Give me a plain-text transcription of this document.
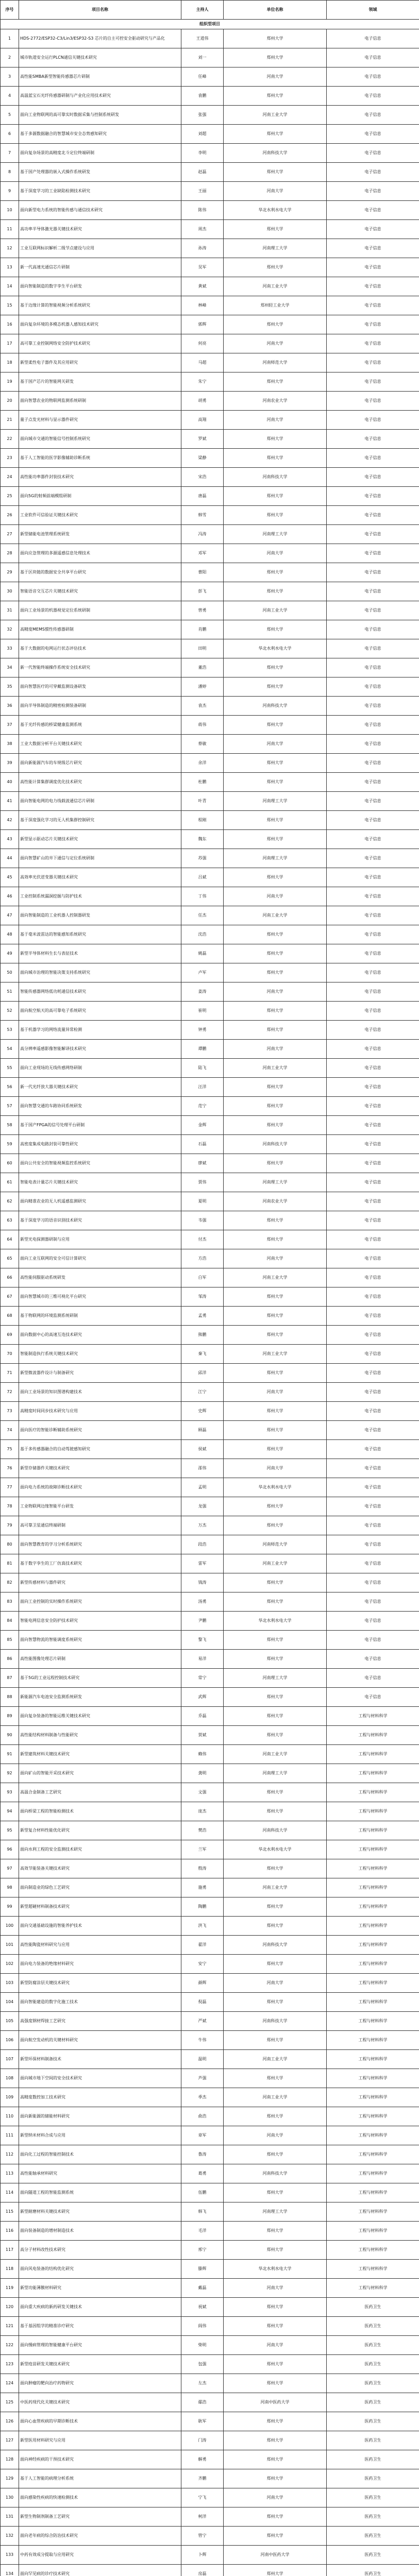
序号	项目名称	主持人	单位名称	领域
组织型项目				
1	HDS-2772/ESP32-C3/Lin3/ESP32-S3 芯片的自主可控安全驱动研究与产品化	王道伟	郑州大学	电子信息
2	城市轨道安全运行PLCN通信关键技术研究	刘一	郑州大学	电子信息
3	高性能SMBA新型智能传感器芯片研制	任峰	河南大学	电子信息
4	高温蓝宝石光纤传感器研制与产业化应用技术研究	袁鹏	郑州大学	电子信息
5	面向工业物联网的高可靠实时数据采集与控制系统研发	张强	河南工业大学	电子信息
6	基于多源数据融合的智慧城市安全态势感知研究	刘超	郑州大学	电子信息
7	面向复杂场景的高精度北斗定位终端研制	李明	河南科技大学	电子信息
8	基于国产处理器的嵌入式操作系统研发	赵磊	郑州大学	电子信息
9	基于深度学习的工业缺陷检测技术研究	王丽	河南大学	电子信息
10	面向新型电力系统的智能传感与通信技术研究	陈伟	华北水利水电大学	电子信息
11	高功率半导体激光器关键技术研究	周杰	郑州大学	电子信息
12	工业互联网标识解析二级节点建设与应用	孙涛	河南理工大学	电子信息
13	新一代高速光通信芯片研制	吴军	郑州大学	电子信息
14	面向智能制造的数字孪生平台研发	黄斌	河南工业大学	电子信息
15	基于边缘计算的智能视频分析系统研究	林峰	郑州轻工业大学	电子信息
16	面向复杂环境的多模态机器人感知技术研究	郭辉	郑州大学	电子信息
17	高可靠工业控制网络安全防护技术研究	何亮	河南大学	电子信息
18	新型柔性电子器件及其应用研究	马超	河南师范大学	电子信息
19	基于国产芯片的智能网关研发	朱宁	郑州大学	电子信息
20	面向智慧农业的物联网监测系统研制	胡勇	河南农业大学	电子信息
21	量子点发光材料与显示器件研究	高翔	河南大学	电子信息
22	面向城市交通的智能信号控制系统研究	罗斌	郑州大学	电子信息
23	基于人工智能的医学影像辅助诊断系统	梁静	郑州大学	电子信息
24	高性能功率器件封装技术研究	宋浩	河南科技大学	电子信息
25	面向5G的射频前端模组研制	唐磊	郑州大学	电子信息
26	工业软件可信验证关键技术研究	韩雪	郑州大学	电子信息
27	新型储能电池管理系统研发	冯涛	河南理工大学	电子信息
28	面向应急管理的多源遥感信息处理技术	邓军	河南大学	电子信息
29	基于区块链的数据安全共享平台研究	曹阳	郑州大学	电子信息
30	智能语音交互芯片关键技术研究	彭飞	郑州大学	电子信息
31	面向工业场景的机器视觉定位系统研制	曾勇	河南工业大学	电子信息
32	高精度MEMS惯性传感器研制	肖鹏	郑州大学	电子信息
33	基于大数据的电网运行状态评估技术	田明	华北水利水电大学	电子信息
34	新一代智能终端操作系统安全技术研究	董浩	郑州大学	电子信息
35	面向智慧医疗的可穿戴监测设备研发	潘婷	郑州大学	电子信息
36	面向半导体制造的精密检测装备研制	袁杰	河南科技大学	电子信息
37	基于光纤传感的桥梁健康监测系统	蒋伟	郑州大学	电子信息
38	工业大数据分析平台关键技术研究	蔡敏	河南大学	电子信息
39	面向新能源汽车的车规级芯片研究	余洋	郑州大学	电子信息
40	高性能计算集群调度优化技术研究	杜鹏	郑州大学	电子信息
41	面向智能电网的电力线载波通信芯片研制	叶青	河南理工大学	电子信息
42	基于深度强化学习的无人机集群控制研究	程刚	郑州大学	电子信息
43	新型显示驱动芯片关键技术研究	魏东	郑州大学	电子信息
44	面向智慧矿山的井下通信与定位系统研制	苏强	河南理工大学	电子信息
45	高效率光伏逆变器关键技术研究	吕斌	郑州大学	电子信息
46	工业控制系统漏洞挖掘与防护技术	丁伟	河南大学	电子信息
47	面向智能制造的工业机器人控制器研发	任杰	河南工业大学	电子信息
48	基于毫米波雷达的智能感知系统研究	沈浩	郑州大学	电子信息
49	新型半导体材料生长与表征技术	姚磊	郑州大学	电子信息
50	面向城市治理的智能决策支持系统研究	卢军	郑州大学	电子信息
51	智能传感器网络低功耗通信技术研究	姜涛	河南大学	电子信息
52	面向航空航天的高可靠电子系统研究	崔明	郑州大学	电子信息
53	基于机器学习的网络流量异常检测	钟勇	郑州大学	电子信息
54	高分辨率遥感影像智能解译技术研究	谭鹏	河南大学	电子信息
55	面向工业现场的无线传感网络研制	陆飞	河南工业大学	电子信息
56	新一代光纤放大器关键技术研究	汪洋	郑州大学	电子信息
57	面向智慧交通的车路协同系统研发	范宁	郑州大学	电子信息
58	基于国产FPGA的信号处理平台研制	金辉	郑州大学	电子信息
59	高密度集成电路封装可靠性研究	石磊	河南科技大学	电子信息
60	面向公共安全的智能视频监控系统研究	廖斌	郑州大学	电子信息
61	智能电表计量芯片关键技术研究	贾伟	河南理工大学	电子信息
62	面向精准农业的无人机遥感监测研究	夏明	河南农业大学	电子信息
63	基于深度学习的语音识别技术研究	韦强	郑州大学	电子信息
64	新型光电探测器研制与应用	付杰	郑州大学	电子信息
65	面向工业互联网的安全可信计算研究	方浩	河南大学	电子信息
66	高性能伺服驱动系统研发	白军	河南工业大学	电子信息
67	面向智慧城市的三维可视化平台研究	邹涛	郑州大学	电子信息
68	基于物联网的环境监测系统研制	孟勇	郑州大学	电子信息
69	面向数据中心的高速互连技术研究	熊鹏	郑州大学	电子信息
70	智能制造执行系统关键技术研究	秦飞	河南工业大学	电子信息
71	新型微波器件设计与制备研究	邱洋	郑州大学	电子信息
72	面向工业场景的知识图谱构建技术	江宁	河南大学	电子信息
73	高精度时间同步技术研究与应用	史辉	郑州大学	电子信息
74	面向医疗的智能诊断辅助系统研究	顾磊	郑州大学	电子信息
75	基于多传感器融合的自动驾驶感知研究	侯斌	郑州大学	电子信息
76	新型存储器件关键技术研究	邵伟	河南大学	电子信息
77	面向电力系统的故障诊断技术研究	孟明	华北水利水电大学	电子信息
78	工业物联网边缘智能平台研发	龙强	郑州大学	电子信息
79	高可靠卫星通信终端研制	万杰	郑州大学	电子信息
80	面向智慧教育的学习分析系统研究	段浩	河南师范大学	电子信息
81	基于数字孪生的工厂仿真技术研究	雷军	河南工业大学	电子信息
82	新型传感材料与器件研究	钱涛	郑州大学	电子信息
83	面向工业控制的实时操作系统研究	汤勇	郑州大学	电子信息
84	智能电网信息安全防护技术研究	尹鹏	华北水利水电大学	电子信息
85	面向智慧物流的智能调度系统研究	黎飞	郑州大学	电子信息
86	高性能图像处理芯片研制	易洋	郑州大学	电子信息
87	基于5G的工业远程控制技术研究	常宁	河南理工大学	电子信息
88	新能源汽车电池安全监测系统研发	武辉	郑州大学	电子信息
89	面向复杂装备的智能运维关键技术研究	乔磊	郑州大学	工程与材料科学
90	高性能结构材料制备与性能研究	贺斌	郑州大学	工程与材料科学
91	新型建筑材料关键技术研究	赖伟	河南工业大学	工程与材料科学
92	面向矿山的智能开采技术研究	龚明	河南理工大学	工程与材料科学
93	高温合金制备工艺研究	文强	郑州大学	工程与材料科学
94	面向桥梁工程的智能检测技术	庞杰	郑州大学	工程与材料科学
95	新型复合材料性能优化研究	樊浩	河南科技大学	工程与材料科学
96	面向水利工程的安全监测技术研究	兰军	华北水利水电大学	工程与材料科学
97	高效节能装备关键技术研究	殷涛	郑州大学	工程与材料科学
98	面向制造业的绿色工艺研究	施勇	河南工业大学	工程与材料科学
99	新型超硬材料制备技术研究	陶鹏	郑州大学	工程与材料科学
100	面向交通基础设施的智能养护技术	洪飞	郑州大学	工程与材料科学
101	高性能陶瓷材料研究与应用	翟洋	河南科技大学	工程与材料科学
102	面向电力装备的绝缘材料研究	安宁	郑州大学	工程与材料科学
103	新型防腐涂层关键技术研究	颜辉	河南大学	工程与材料科学
104	面向智能建造的数字化施工技术	倪磊	郑州大学	工程与材料科学
105	高强度钢材焊接工艺研究	严斌	河南科技大学	工程与材料科学
106	面向航空发动机的关键材料研究	牛伟	郑州大学	工程与材料科学
107	新型环保材料制备技术	温明	河南工业大学	工程与材料科学
108	面向城市地下空间的安全技术研究	芦强	郑州大学	工程与材料科学
109	高精度数控加工技术研究	季杰	河南工业大学	工程与材料科学
110	面向新能源的储能材料研究	俞浩	郑州大学	工程与材料科学
111	新型纳米材料合成与应用	章军	河南大学	工程与材料科学
112	面向化工过程的智能控制技术	鲁涛	郑州大学	工程与材料科学
113	高性能轴承材料研究	葛勇	河南科技大学	工程与材料科学
114	面向隧道工程的智能监测系统	伍鹏	郑州大学	工程与材料科学
115	新型耐磨材料关键技术研究	韩飞	河南理工大学	工程与材料科学
116	面向装备制造的增材制造技术	毛洋	郑州大学	工程与材料科学
117	高分子材料改性技术研究	邢宁	郑州大学	工程与材料科学
118	面向风电装备的结构优化研究	滕辉	华北水利水电大学	工程与材料科学
119	新型功能薄膜材料研究	戴磊	河南大学	工程与材料科学
120	面向重大疾病的新药研发关键技术	祝斌	郑州大学	医药卫生
121	基于基因组学的精准诊疗研究	阎伟	郑州大学	医药卫生
122	面向慢病管理的智能健康平台研究	柴明	河南大学	医药卫生
123	新型疫苗研发关键技术研究	包强	郑州大学	医药卫生
124	面向肿瘤的靶向治疗药物研究	左杰	郑州大学	医药卫生
125	中医药现代化关键技术研究	鄢浩	河南中医药大学	医药卫生
126	面向心血管疾病的早期诊断技术	耿军	郑州大学	医药卫生
127	新型医用材料研究与应用	门涛	郑州大学	医药卫生
128	面向神经疾病的干预技术研究	解勇	郑州大学	医药卫生
129	基于人工智能的病理分析系统	齐鹏	郑州大学	医药卫生
130	面向感染性疾病的快速检测技术	宁飞	河南大学	医药卫生
131	新型生物制剂制备工艺研究	柯洋	郑州大学	医药卫生
132	面向老年病的综合防治技术研究	管宁	郑州大学	医药卫生
133	中药有效成分提取与应用研究	卜辉	河南中医药大学	医药卫生
134	面向罕见病的诊疗技术研究	房磊	郑州大学	医药卫生
